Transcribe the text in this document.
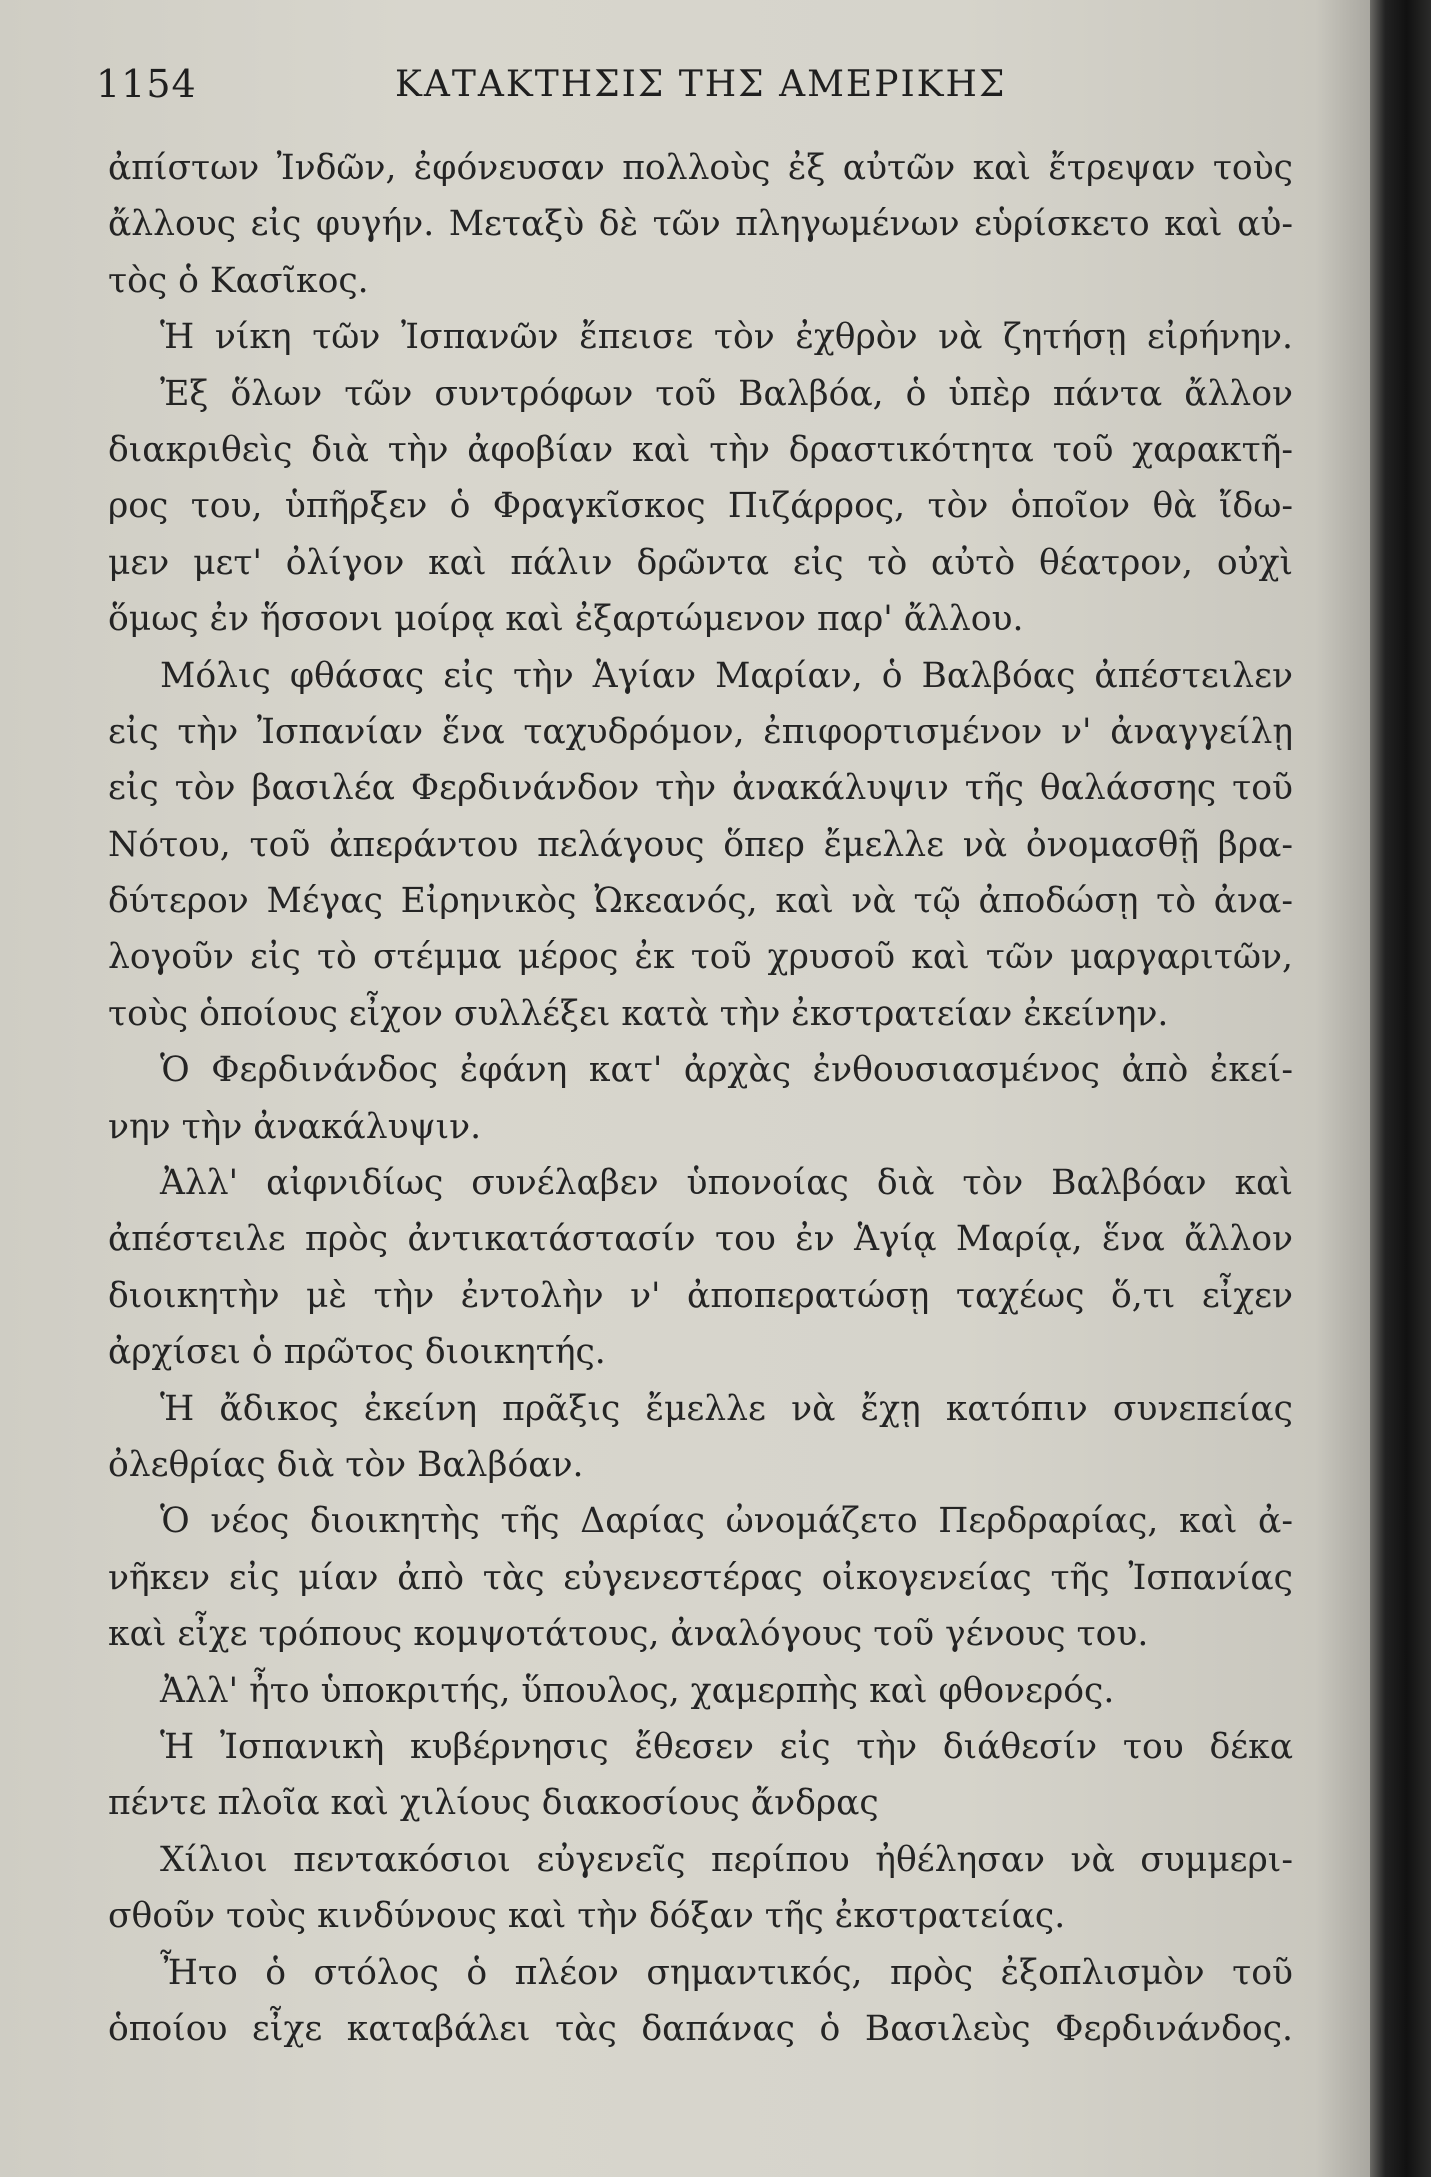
1154	ΚΑΤΑΚΤΗΣΙΣ ΤΗΣ ΑΜΕΡΙΚΗΣ
ἀπίστων Ἰνδῶν, ἐφόνευσαν πολλοὺς ἐξ αὐτῶν καὶ ἔτρεψαν τοὺς
ἄλλους εἰς φυγήν. Μεταξὺ δὲ τῶν πληγωμένων εὑρίσκετο καὶ αὐ-
τὸς ὁ Κασῖκος.
Ἡ νίκη τῶν Ἰσπανῶν ἔπεισε τὸν ἐχθρὸν νὰ ζητήσῃ εἰρήνην.
Ἐξ ὅλων τῶν συντρόφων τοῦ Βαλβόα, ὁ ὑπὲρ πάντα ἄλλον
διακριθεὶς διὰ τὴν ἀφοβίαν καὶ τὴν δραστικότητα τοῦ χαρακτῆ-
ρος του, ὑπῆρξεν ὁ Φραγκῖσκος Πιζάρρος, τὸν ὁποῖον θὰ ἴδω-
μεν μετ' ὀλίγον καὶ πάλιν δρῶντα εἰς τὸ αὐτὸ θέατρον, οὐχὶ
ὅμως ἐν ἥσσονι μοίρᾳ καὶ ἐξαρτώμενον παρ' ἄλλου.
Μόλις φθάσας εἰς τὴν Ἁγίαν Μαρίαν, ὁ Βαλβόας ἀπέστειλεν
εἰς τὴν Ἰσπανίαν ἕνα ταχυδρόμον, ἐπιφορτισμένον ν' ἀναγγείλῃ
εἰς τὸν βασιλέα Φερδινάνδον τὴν ἀνακάλυψιν τῆς θαλάσσης τοῦ
Νότου, τοῦ ἀπεράντου πελάγους ὅπερ ἔμελλε νὰ ὀνομασθῇ βρα-
δύτερον Μέγας Εἰρηνικὸς Ὠκεανός, καὶ νὰ τῷ ἀποδώσῃ τὸ ἀνα-
λογοῦν εἰς τὸ στέμμα μέρος ἐκ τοῦ χρυσοῦ καὶ τῶν μαργαριτῶν,
τοὺς ὁποίους εἶχον συλλέξει κατὰ τὴν ἐκστρατείαν ἐκείνην.
Ὁ Φερδινάνδος ἐφάνη κατ' ἀρχὰς ἐνθουσιασμένος ἀπὸ ἐκεί-
νην τὴν ἀνακάλυψιν.
Ἀλλ' αἰφνιδίως συνέλαβεν ὑπονοίας διὰ τὸν Βαλβόαν καὶ
ἀπέστειλε πρὸς ἀντικατάστασίν του ἐν Ἁγίᾳ Μαρίᾳ, ἕνα ἄλλον
διοικητὴν μὲ τὴν ἐντολὴν ν' ἀποπερατώσῃ ταχέως ὅ,τι εἶχεν
ἀρχίσει ὁ πρῶτος διοικητής.
Ἡ ἄδικος ἐκείνη πρᾶξις ἔμελλε νὰ ἔχῃ κατόπιν συνεπείας
ὀλεθρίας διὰ τὸν Βαλβόαν.
Ὁ νέος διοικητὴς τῆς Δαρίας ὠνομάζετο Περδραρίας, καὶ ἀ-
νῆκεν εἰς μίαν ἀπὸ τὰς εὐγενεστέρας οἰκογενείας τῆς Ἰσπανίας
καὶ εἶχε τρόπους κομψοτάτους, ἀναλόγους τοῦ γένους του.
Ἀλλ' ἦτο ὑποκριτής, ὕπουλος, χαμερπὴς καὶ φθονερός.
Ἡ Ἰσπανικὴ κυβέρνησις ἔθεσεν εἰς τὴν διάθεσίν του δέκα
πέντε πλοῖα καὶ χιλίους διακοσίους ἄνδρας
Χίλιοι πεντακόσιοι εὐγενεῖς περίπου ἠθέλησαν νὰ συμμερι-
σθοῦν τοὺς κινδύνους καὶ τὴν δόξαν τῆς ἐκστρατείας.
Ἦτο ὁ στόλος ὁ πλέον σημαντικός, πρὸς ἐξοπλισμὸν τοῦ
ὁποίου εἶχε καταβάλει τὰς δαπάνας ὁ Βασιλεὺς Φερδινάνδος.
